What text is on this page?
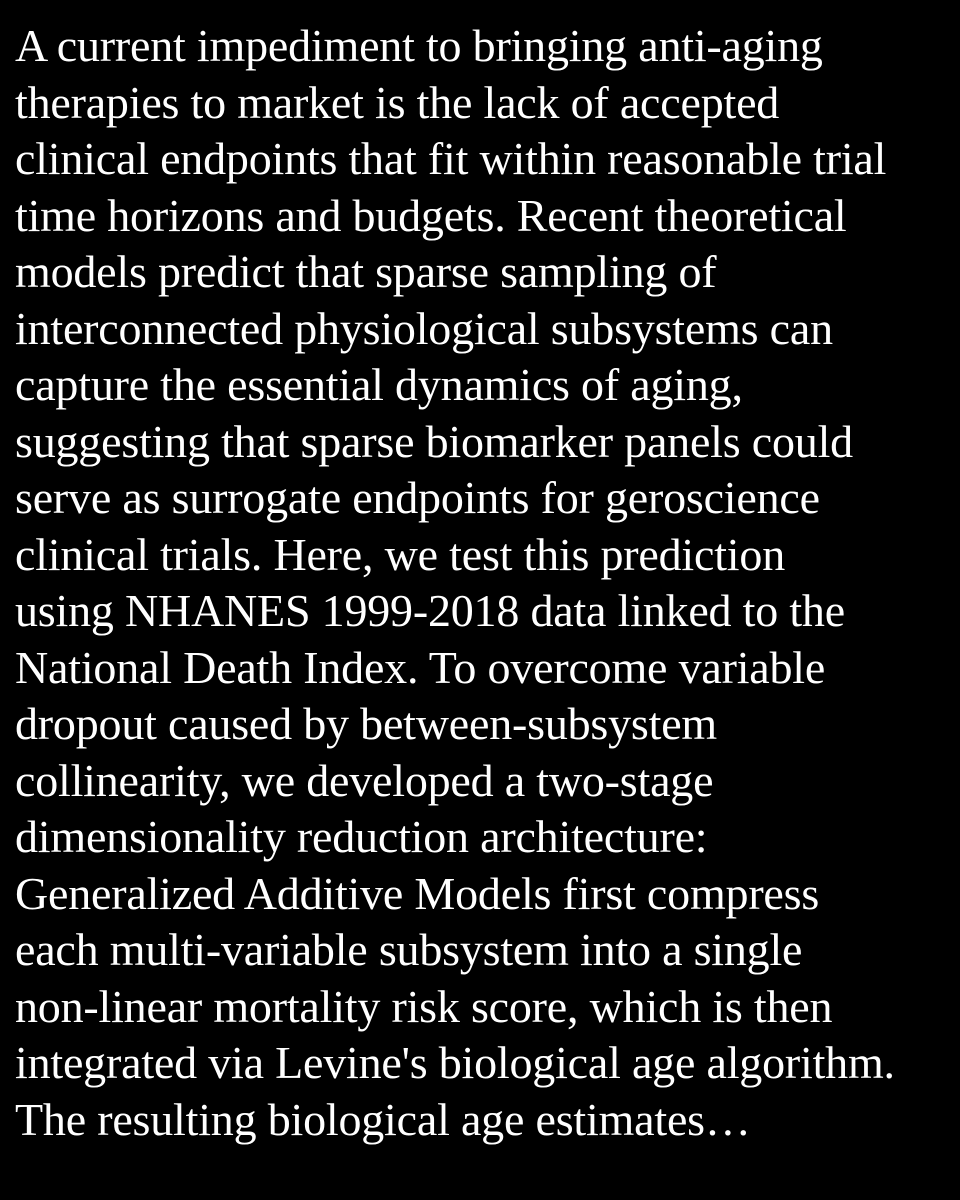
A current impediment to bringing anti-aging
therapies to market is the lack of accepted
clinical endpoints that fit within reasonable trial
time horizons and budgets. Recent theoretical
models predict that sparse sampling of
interconnected physiological subsystems can
capture the essential dynamics of aging,
suggesting that sparse biomarker panels could
serve as surrogate endpoints for geroscience
clinical trials. Here, we test this prediction
using NHANES 1999-2018 data linked to the
National Death Index. To overcome variable
dropout caused by between-subsystem
collinearity, we developed a two-stage
dimensionality reduction architecture:
Generalized Additive Models first compress
each multi-variable subsystem into a single
non-linear mortality risk score, which is then
integrated via Levine's biological age algorithm.
The resulting biological age estimates…
